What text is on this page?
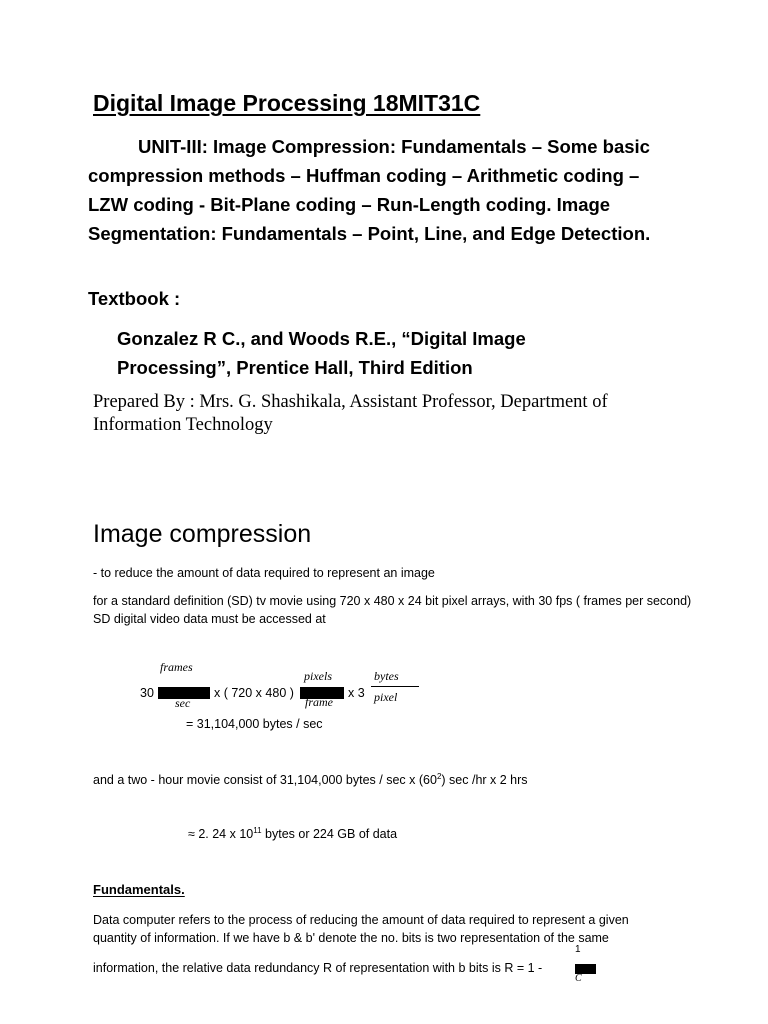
Digital Image Processing 18MIT31C
UNIT-III: Image Compression: Fundamentals – Some basic compression methods – Huffman coding – Arithmetic coding – LZW coding - Bit-Plane coding – Run-Length coding. Image Segmentation: Fundamentals – Point, Line, and Edge Detection.
Textbook :
Gonzalez R C., and Woods R.E., “Digital Image Processing”, Prentice Hall, Third Edition
Prepared By : Mrs. G. Shashikala, Assistant Professor, Department of Information Technology
Image compression
- to reduce the amount of data required to represent an image
for a standard definition (SD) tv movie using 720 x 480 x 24 bit pixel arrays, with 30 fps ( frames per second) SD digital video data must be accessed at
frames
30
sec
x ( 720 x 480 )
pixels
frame
x 3
bytes
pixel
= 31,104,000 bytes / sec
and a two - hour movie consist of 31,104,000 bytes / sec x $(60^2)$ sec /hr x 2 hrs
≈ 2. 24 x $10^{11}$ bytes or 224 GB of data
Fundamentals.
Data computer refers to the process of reducing the amount of data required to represent a given
quantity of information. If we have b & b' denote the no. bits is two representation of the same
information, the relative data redundancy R of representation with b bits is R = 1 -
1
C
